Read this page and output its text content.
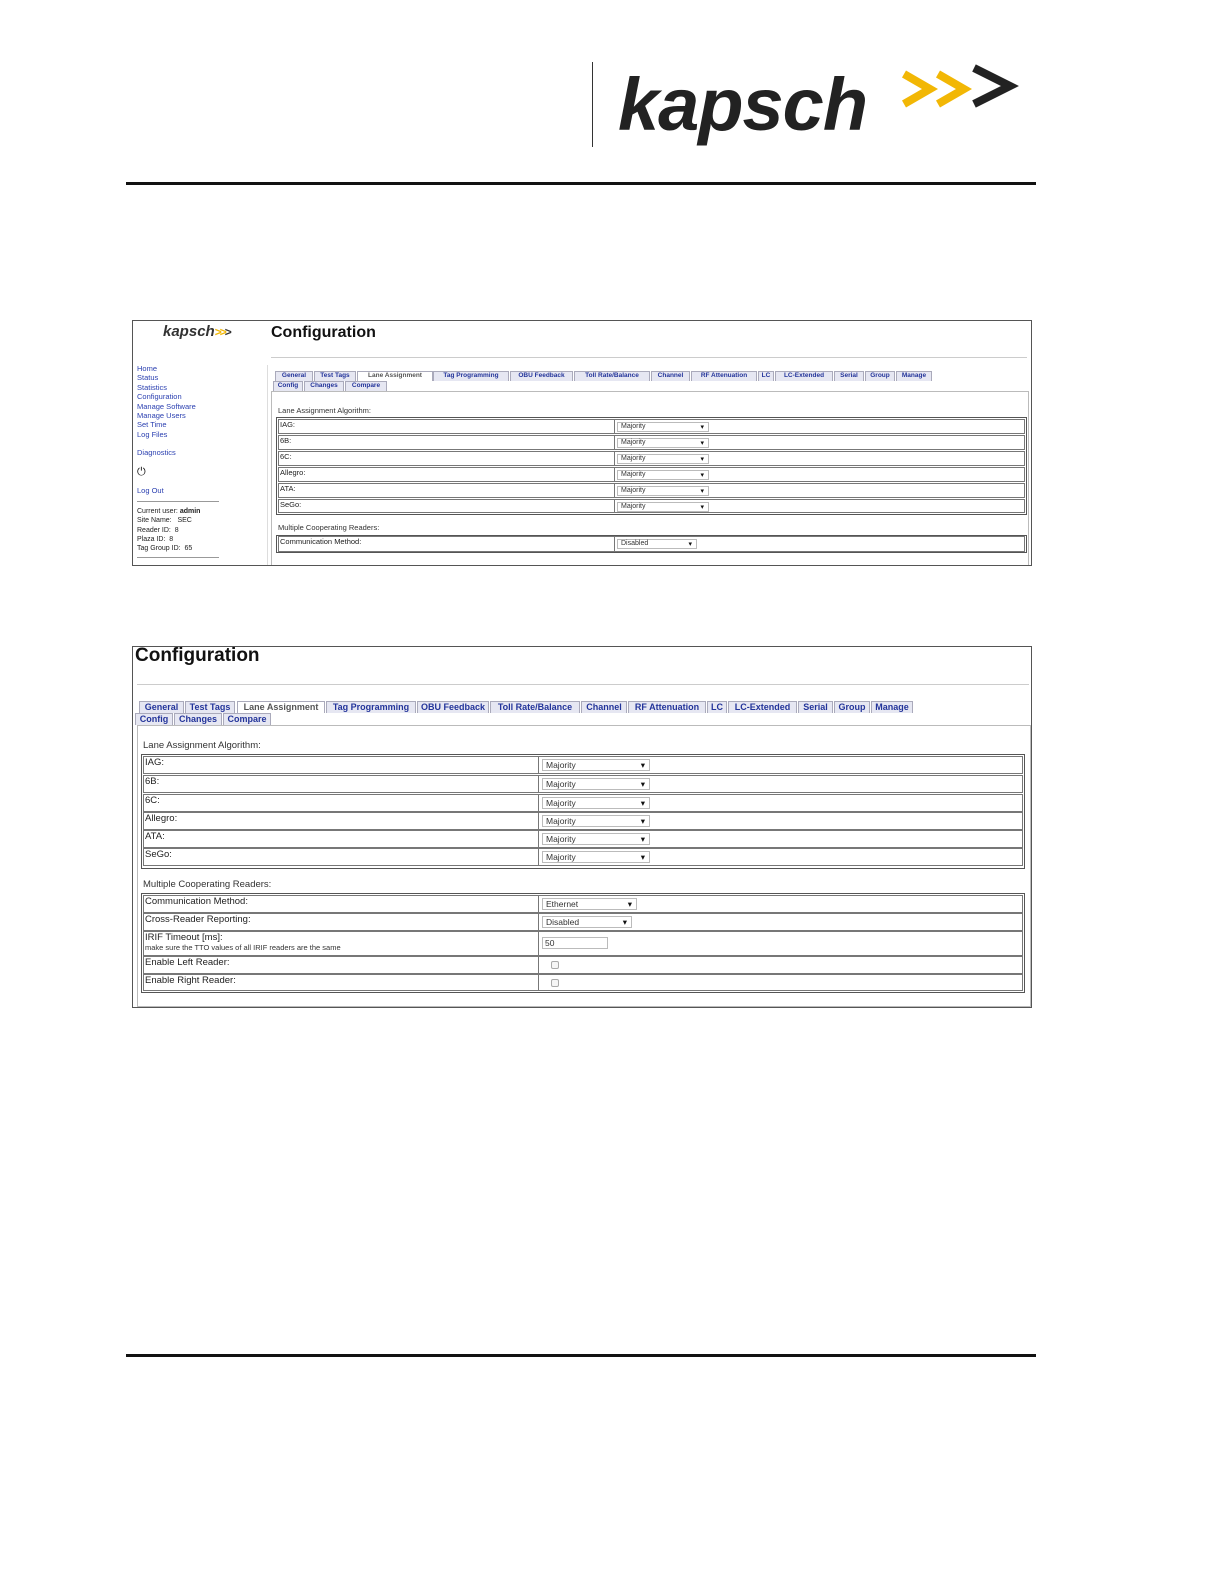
kapsch
kapsch>>> Configuration
Home
Status
Statistics
Configuration
Manage Software
Manage Users
Set Time
Log Files
Diagnostics
⏻
Log Out
Current user: admin
Site Name: SEC
Reader ID: 8
Plaza ID: 8
Tag Group ID: 65
General	Test Tags	Lane Assignment	Tag Programming	OBU Feedback	Toll Rate/Balance	Channel	RF Attenuation	LC	LC-Extended	Serial	Group	Manage
Config	Changes	Compare
Lane Assignment Algorithm:
IAG:	Majority	▾
6B:	Majority	▾
6C:	Majority	▾
Allegro:	Majority	▾
ATA:	Majority	▾
SeGo:	Majority	▾
Multiple Cooperating Readers:
Communication Method:	Disabled	▾
Configuration
General	Test Tags	Lane Assignment	Tag Programming	OBU Feedback	Toll Rate/Balance	Channel	RF Attenuation	LC	LC-Extended	Serial	Group	Manage
Config	Changes	Compare
Lane Assignment Algorithm:
IAG:	Majority	▾
6B:	Majority	▾
6C:	Majority	▾
Allegro:	Majority	▾
ATA:	Majority	▾
SeGo:	Majority	▾
Multiple Cooperating Readers:
Communication Method:	Ethernet	▾
Cross-Reader Reporting:	Disabled	▾
IRIF Timeout [ms]:
make sure the TTO values of all IRIF readers are the same	50
Enable Left Reader:
Enable Right Reader:
